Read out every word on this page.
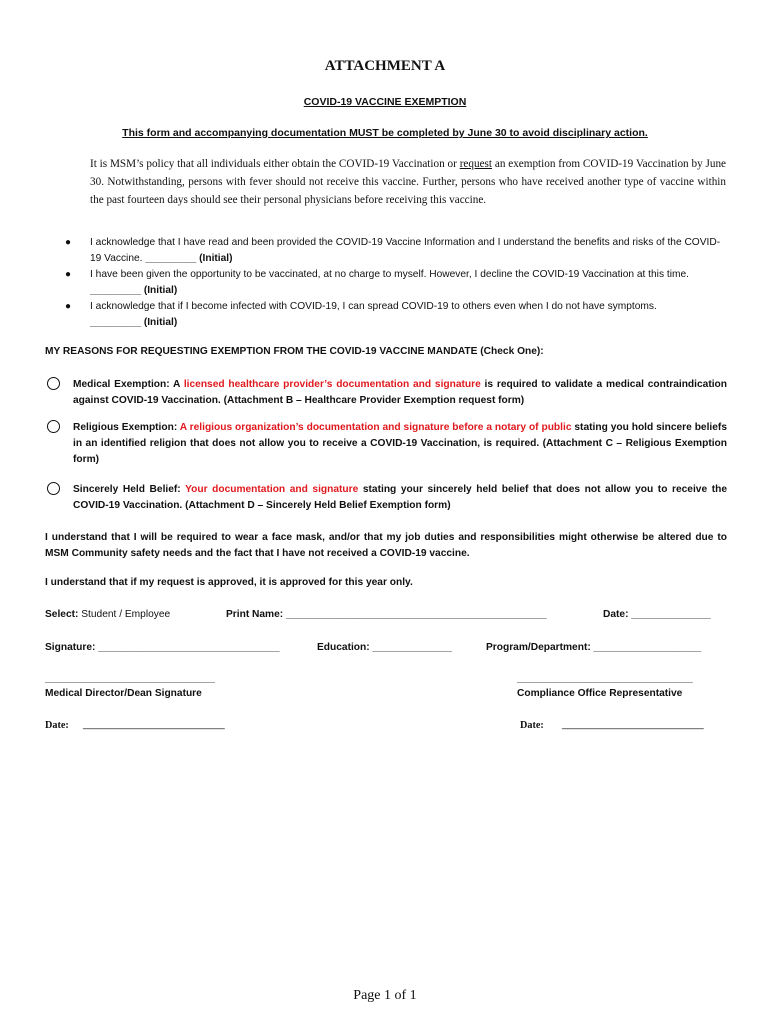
ATTACHMENT A
COVID-19 VACCINE EXEMPTION
This form and accompanying documentation MUST be completed by June 30 to avoid disciplinary action.
It is MSM’s policy that all individuals either obtain the COVID-19 Vaccination or request an exemption from COVID-19 Vaccination by June 30. Notwithstanding, persons with fever should not receive this vaccine. Further, persons who have received another type of vaccine within the past fourteen days should see their personal physicians before receiving this vaccine.

● I acknowledge that I have read and been provided the COVID-19 Vaccine Information and I understand the benefits and risks of the COVID-19 Vaccine. _________ (Initial)

● I have been given the opportunity to be vaccinated, at no charge to myself. However, I decline the COVID-19 Vaccination at this time. _________ (Initial)

● I acknowledge that if I become infected with COVID-19, I can spread COVID-19 to others even when I do not have symptoms.
_________ (Initial)

MY REASONS FOR REQUESTING EXEMPTION FROM THE COVID-19 VACCINE MANDATE (Check One):
Medical Exemption: A licensed healthcare provider’s documentation and signature is required to validate a medical contraindication against COVID-19 Vaccination. (Attachment B – Healthcare Provider Exemption request form)
Religious Exemption: A religious organization’s documentation and signature before a notary of public stating you hold sincere beliefs in an identified religion that does not allow you to receive a COVID-19 Vaccination, is required. (Attachment C – Religious Exemption form)
Sincerely Held Belief: Your documentation and signature stating your sincerely held belief that does not allow you to receive the COVID-19 Vaccination. (Attachment D – Sincerely Held Belief Exemption form)
I understand that I will be required to wear a face mask, and/or that my job duties and responsibilities might otherwise be altered due to MSM Community safety needs and the fact that I have not received a COVID-19 vaccine.
I understand that if my request is approved, it is approved for this year only.
Select: Student / Employee	Print Name: ______________________________________________	Date: ______________
Signature: ________________________________	Education: ______________	Program/Department: ___________________
______________________________
Medical Director/Dean Signature
_______________________________
Compliance Office Representative
Date: _________________________	Date: _________________________
Page 1 of 1
